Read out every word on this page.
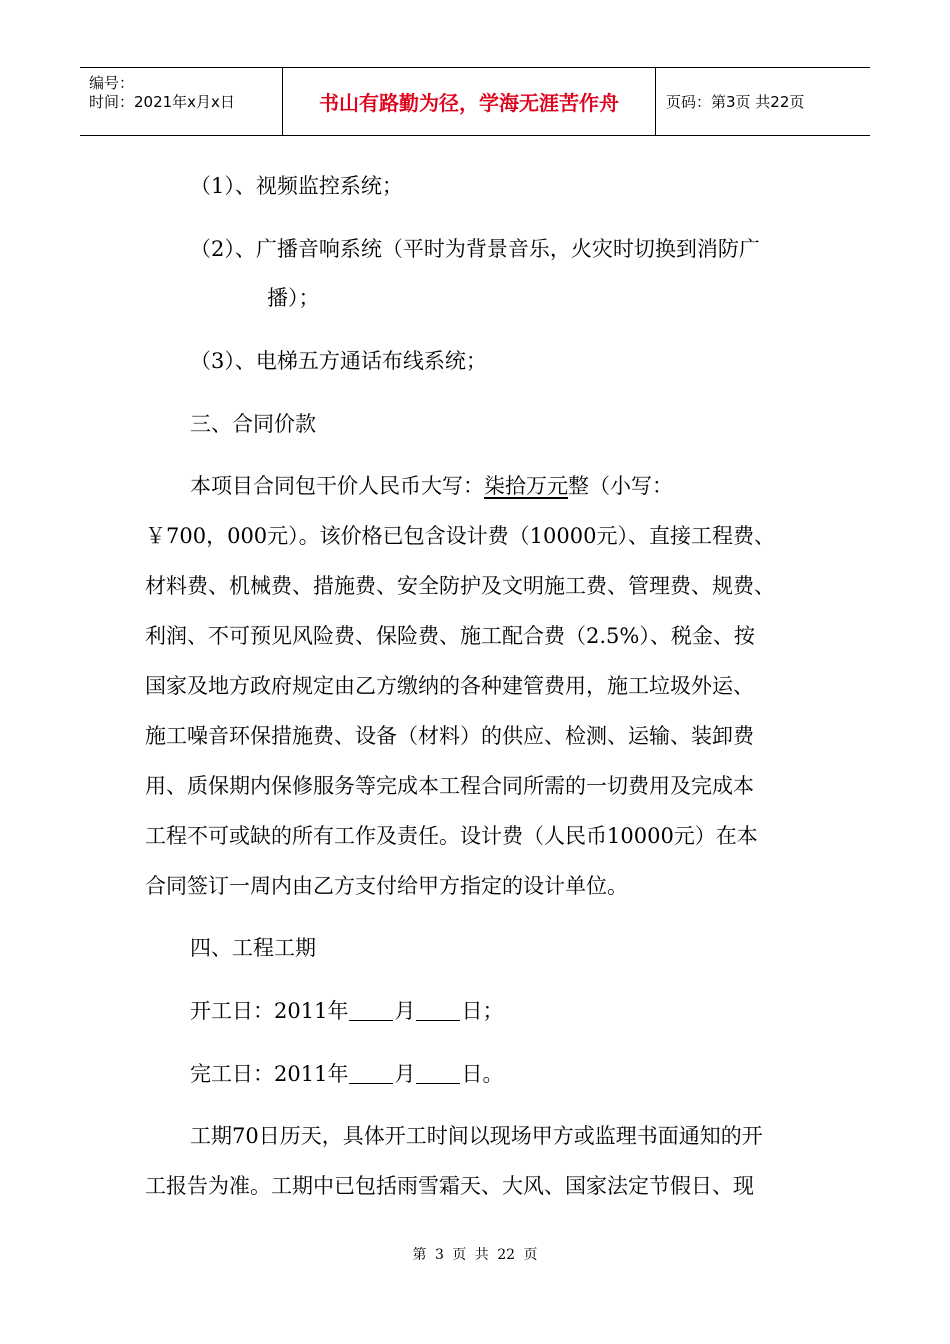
编号：
时间：2021年x月x日	书山有路勤为径，学海无涯苦作舟	页码：第3页 共22页
（1）、视频监控系统；
（2）、广播音响系统（平时为背景音乐，火灾时切换到消防广
播）；
（3）、电梯五方通话布线系统；
三、合同价款
本项目合同包干价人民币大写：柒拾万元整（小写：
￥700，000元）。该价格已包含设计费（10000元）、直接工程费、
材料费、机械费、措施费、安全防护及文明施工费、管理费、规费、
利润、不可预见风险费、保险费、施工配合费（2.5%）、税金、按
国家及地方政府规定由乙方缴纳的各种建管费用，施工垃圾外运、
施工噪音环保措施费、设备（材料）的供应、检测、运输、装卸费
用、质保期内保修服务等完成本工程合同所需的一切费用及完成本
工程不可或缺的所有工作及责任。设计费（人民币10000元）在本
合同签订一周内由乙方支付给甲方指定的设计单位。
四、工程工期
开工日：2011年 月 日；
完工日：2011年 月 日。
工期70日历天，具体开工时间以现场甲方或监理书面通知的开
工报告为准。工期中已包括雨雪霜天、大风、国家法定节假日、现
第 3 页 共 22 页
